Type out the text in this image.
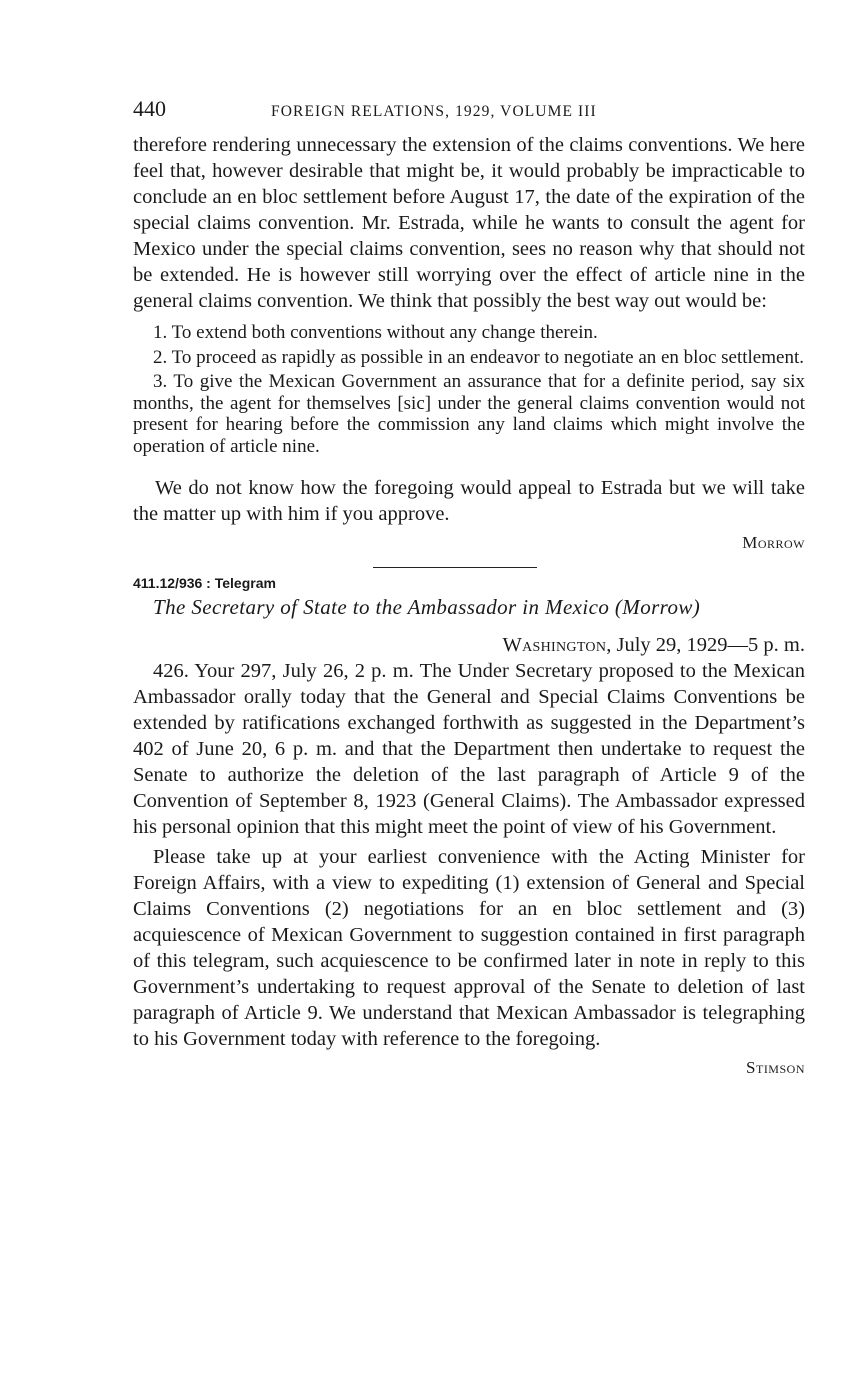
440	FOREIGN RELATIONS, 1929, VOLUME III

therefore rendering unnecessary the extension of the claims conventions. We here feel that, however desirable that might be, it would probably be impracticable to conclude an en bloc settlement before August 17, the date of the expiration of the special claims convention. Mr. Estrada, while he wants to consult the agent for Mexico under the special claims convention, sees no reason why that should not be extended. He is however still worrying over the effect of article nine in the general claims convention. We think that possibly the best way out would be:

1. To extend both conventions without any change therein.

2. To proceed as rapidly as possible in an endeavor to negotiate an en bloc settlement.

3. To give the Mexican Government an assurance that for a definite period, say six months, the agent for themselves [sic] under the general claims convention would not present for hearing before the commission any land claims which might involve the operation of article nine.

We do not know how the foregoing would appeal to Estrada but we will take the matter up with him if you approve.

Morrow
411.12/936 : Telegram
The Secretary of State to the Ambassador in Mexico (Morrow)
Washington, July 29, 1929—5 p. m.

426. Your 297, July 26, 2 p. m. The Under Secretary proposed to the Mexican Ambassador orally today that the General and Special Claims Conventions be extended by ratifications exchanged forthwith as suggested in the Department’s 402 of June 20, 6 p. m. and that the Department then undertake to request the Senate to authorize the deletion of the last paragraph of Article 9 of the Convention of September 8, 1923 (General Claims). The Ambassador expressed his personal opinion that this might meet the point of view of his Government.

Please take up at your earliest convenience with the Acting Minister for Foreign Affairs, with a view to expediting (1) extension of General and Special Claims Conventions (2) negotiations for an en bloc settlement and (3) acquiescence of Mexican Government to suggestion contained in first paragraph of this telegram, such acquiescence to be confirmed later in note in reply to this Government’s undertaking to request approval of the Senate to deletion of last paragraph of Article 9. We understand that Mexican Ambassador is telegraphing to his Government today with reference to the foregoing.

Stimson
